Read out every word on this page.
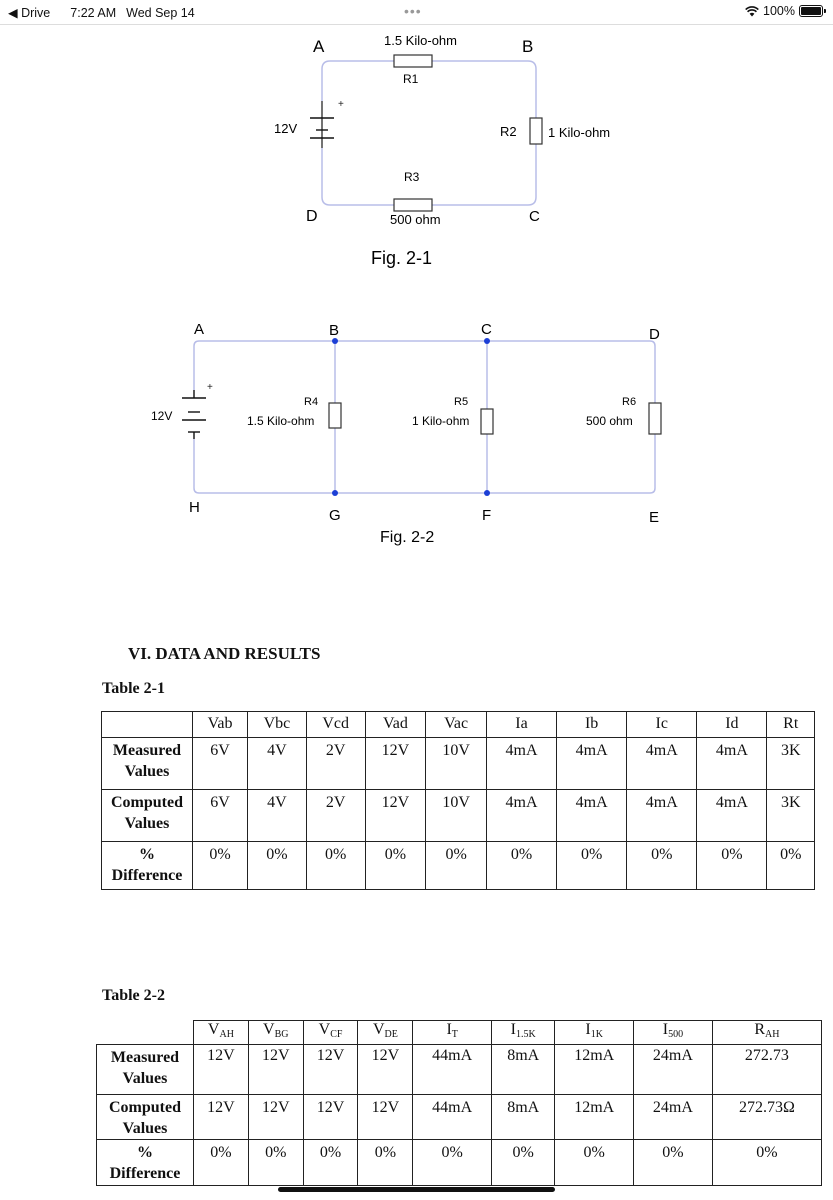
◀ Drive 7:22 AM Wed Sep 14	•••	100%
+
A	B
C
D
12V
1.5 Kilo-ohm
R1
R2 1 Kilo-ohm
R3
500 ohm
Fig. 2-1
+
A	B	C	D
H	G	F	E
12V
R4
1.5 Kilo-ohm
R5
1 Kilo-ohm
R6
500 ohm
Fig. 2-2
VI. DATA AND RESULTS
Table 2-1
	Vab	Vbc	Vcd	Vad	Vac	Ia	Ib	Ic	Id	Rt
Measured
Values	6V	4V	2V	12V	10V	4mA	4mA	4mA	4mA	3K
Computed
Values	6V	4V	2V	12V	10V	4mA	4mA	4mA	4mA	3K
%
Difference	0%	0%	0%	0%	0%	0%	0%	0%	0%	0%
Table 2-2
	$V_{AH}$	$V_{BG}$	$V_{CF}$	$V_{DE}$	$I_T$	$I_{1.5K}$	$I_{1K}$	$I_{500}$	$R_{AH}$
Measured
Values	12V	12V	12V	12V	44mA	8mA	12mA	24mA	272.73
Computed
Values	12V	12V	12V	12V	44mA	8mA	12mA	24mA	272.73Ω
%
Difference	0%	0%	0%	0%	0%	0%	0%	0%	0%
